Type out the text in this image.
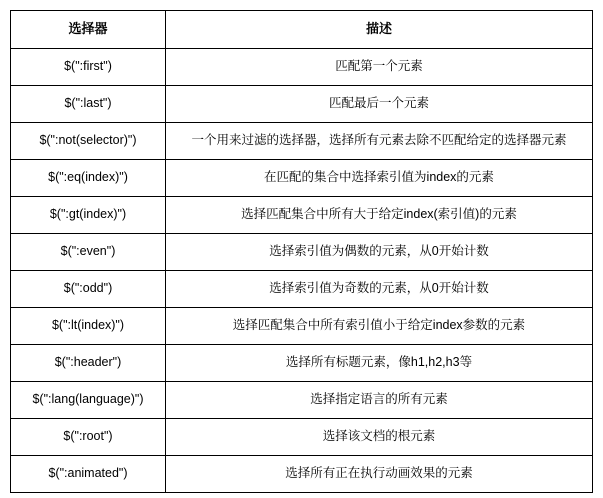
选择器	描述
$(":first")	匹配第一个元素
$(":last")	匹配最后一个元素
$(":not(selector)")	一个用来过滤的选择器，选择所有元素去除不匹配给定的选择器元素
$(":eq(index)")	在匹配的集合中选择索引值为index的元素
$(":gt(index)")	选择匹配集合中所有大于给定index(索引值)的元素
$(":even")	选择索引值为偶数的元素，从0开始计数
$(":odd")	选择索引值为奇数的元素，从0开始计数
$(":lt(index)")	选择匹配集合中所有索引值小于给定index参数的元素
$(":header")	选择所有标题元素，像h1,h2,h3等
$(":lang(language)")	选择指定语言的所有元素
$(":root")	选择该文档的根元素
$(":animated")	选择所有正在执行动画效果的元素
